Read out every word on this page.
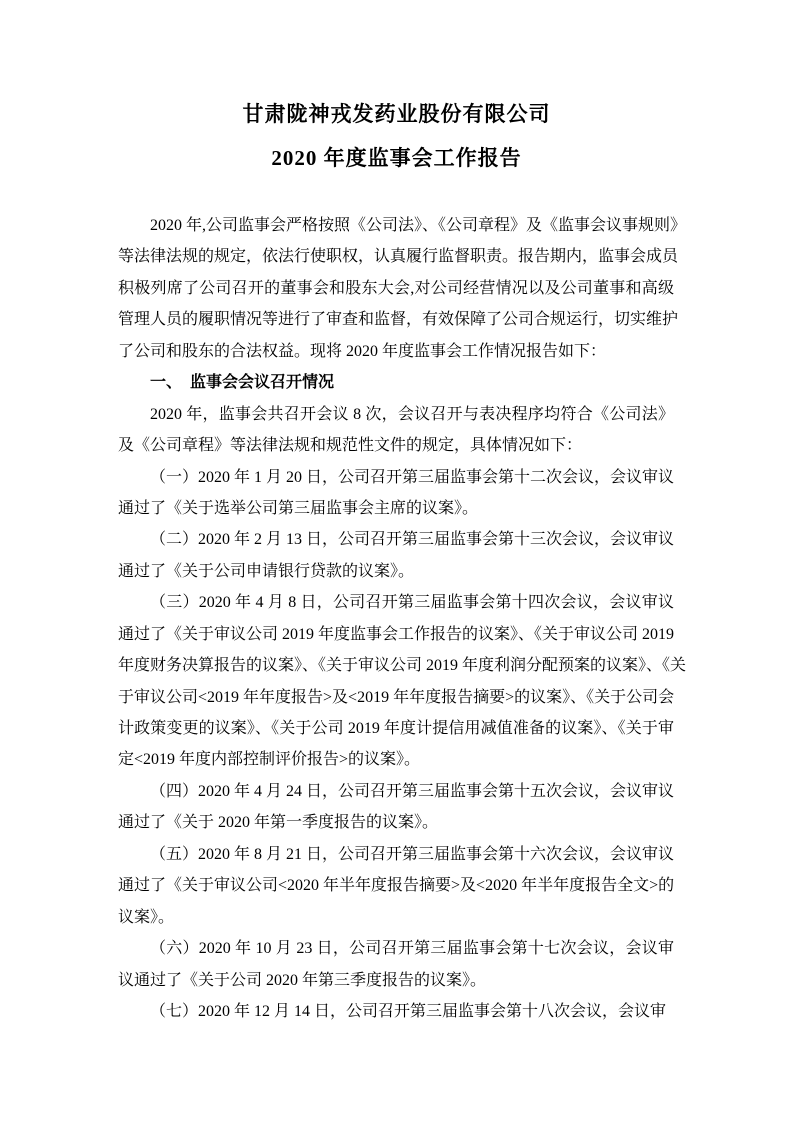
甘肃陇神戎发药业股份有限公司
2020 年度监事会工作报告
2020 年,公司监事会严格按照《公司法》、《公司章程》及《监事会议事规则》
等法律法规的规定，依法行使职权，认真履行监督职责。报告期内，监事会成员
积极列席了公司召开的董事会和股东大会,对公司经营情况以及公司董事和高级
管理人员的履职情况等进行了审查和监督，有效保障了公司合规运行，切实维护
了公司和股东的合法权益。现将 2020 年度监事会工作情况报告如下：
一、　监事会会议召开情况
2020 年，监事会共召开会议 8 次，会议召开与表决程序均符合《公司法》
及《公司章程》等法律法规和规范性文件的规定，具体情况如下：
（一）2020 年 1 月 20 日，公司召开第三届监事会第十二次会议，会议审议
通过了《关于选举公司第三届监事会主席的议案》。
（二）2020 年 2 月 13 日，公司召开第三届监事会第十三次会议，会议审议
通过了《关于公司申请银行贷款的议案》。
（三）2020 年 4 月 8 日，公司召开第三届监事会第十四次会议，会议审议
通过了《关于审议公司 2019 年度监事会工作报告的议案》、《关于审议公司 2019
年度财务决算报告的议案》、《关于审议公司 2019 年度利润分配预案的议案》、《关
于审议公司<2019 年年度报告>及<2019 年年度报告摘要>的议案》、《关于公司会
计政策变更的议案》、《关于公司 2019 年度计提信用减值准备的议案》、《关于审
定<2019 年度内部控制评价报告>的议案》。
（四）2020 年 4 月 24 日，公司召开第三届监事会第十五次会议，会议审议
通过了《关于 2020 年第一季度报告的议案》。
（五）2020 年 8 月 21 日，公司召开第三届监事会第十六次会议，会议审议
通过了《关于审议公司<2020 年半年度报告摘要>及<2020 年半年度报告全文>的
议案》。
（六）2020 年 10 月 23 日，公司召开第三届监事会第十七次会议，会议审
议通过了《关于公司 2020 年第三季度报告的议案》。
（七）2020 年 12 月 14 日，公司召开第三届监事会第十八次会议，会议审
